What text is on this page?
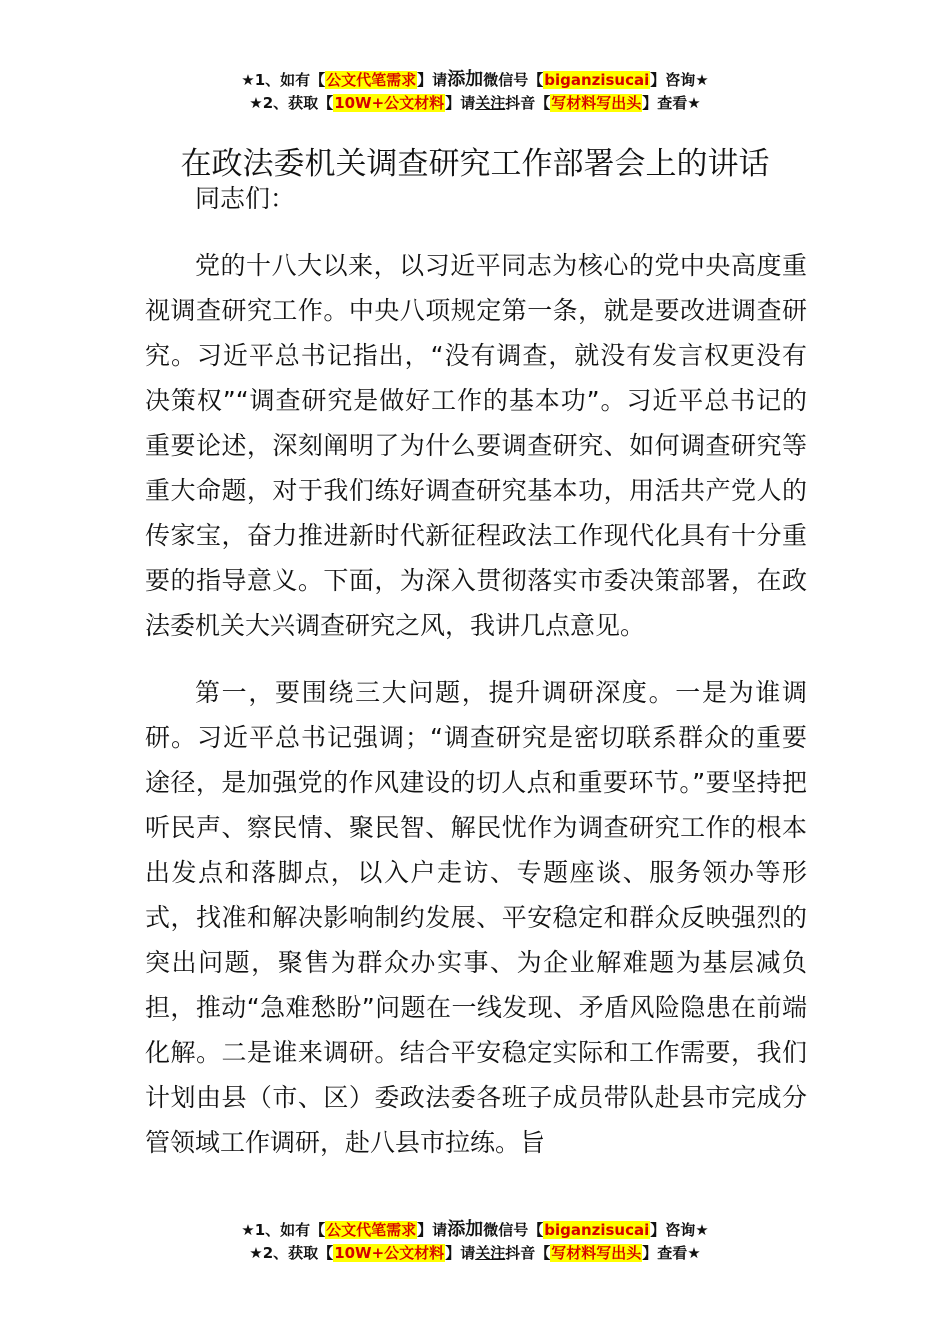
★1、如有【公文代笔需求】请添加微信号【biganzisucai】咨询★
★2、获取【10W+公文材料】请关注抖音【写材料写出头】查看★
在政法委机关调查研究工作部署会上的讲话

同志们：

党的十八大以来，以习近平同志为核心的党中央高度重视调查研究工作。中央八项规定第一条，就是要改进调查研究。习近平总书记指出，“没有调查，就没有发言权更没有决策权”“调查研究是做好工作的基本功”。习近平总书记的重要论述，深刻阐明了为什么要调查研究、如何调查研究等重大命题，对于我们练好调查研究基本功，用活共产党人的传家宝，奋力推进新时代新征程政法工作现代化具有十分重要的指导意义。下面，为深入贯彻落实市委决策部署，在政法委机关大兴调查研究之风，我讲几点意见。

第一，要围绕三大问题，提升调研深度。一是为谁调研。习近平总书记强调；“调查研究是密切联系群众的重要途径，是加强党的作风建设的切人点和重要环节。”要坚持把听民声、察民情、聚民智、解民忧作为调查研究工作的根本出发点和落脚点，以入户走访、专题座谈、服务领办等形式，找准和解决影响制约发展、平安稳定和群众反映强烈的突出问题，聚售为群众办实事、为企业解难题为基层减负担，推动“急难愁盼”问题在一线发现、矛盾风险隐患在前端化解。二是谁来调研。结合平安稳定实际和工作需要，我们计划由县（市、区）委政法委各班子成员带队赴县市完成分管领域工作调研，赴八县市拉练。旨

★1、如有【公文代笔需求】请添加微信号【biganzisucai】咨询★
★2、获取【10W+公文材料】请关注抖音【写材料写出头】查看★
